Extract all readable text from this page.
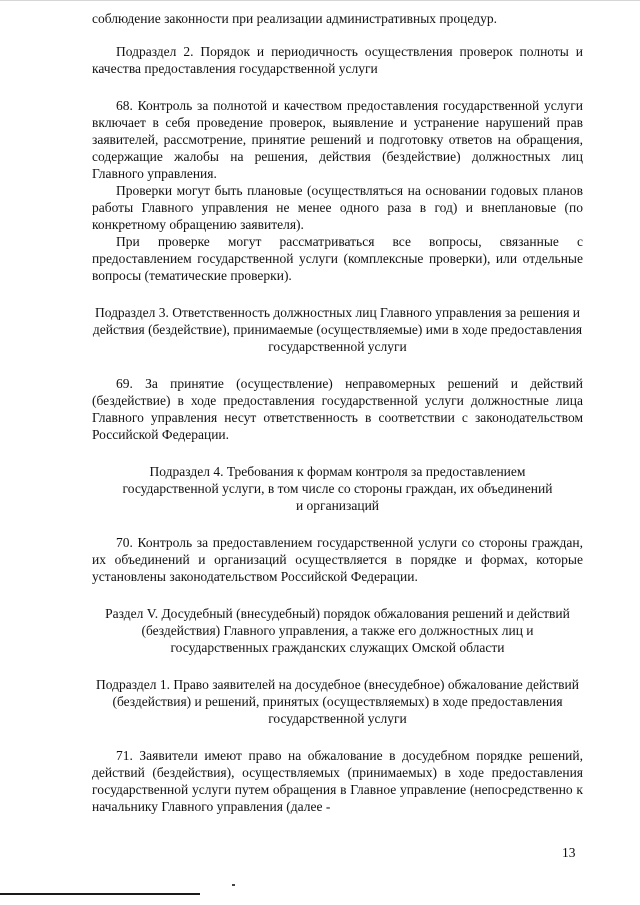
соблюдение законности при реализации административных процедур.

Подраздел 2. Порядок и периодичность осуществления проверок полноты и качества предоставления государственной услуги

68. Контроль за полнотой и качеством предоставления государственной услуги включает в себя проведение проверок, выявление и устранение нарушений прав заявителей, рассмотрение, принятие решений и подготовку ответов на обращения, содержащие жалобы на решения, действия (бездействие) должностных лиц Главного управления.

Проверки могут быть плановые (осуществляться на основании годовых планов работы Главного управления не менее одного раза в год) и внеплановые (по конкретному обращению заявителя).

При проверке могут рассматриваться все вопросы, связанные с предоставлением государственной услуги (комплексные проверки), или отдельные вопросы (тематические проверки).

Подраздел 3. Ответственность должностных лиц Главного управления за решения и действия (бездействие), принимаемые (осуществляемые) ими в ходе предоставления государственной услуги

69. За принятие (осуществление) неправомерных решений и действий (бездействие) в ходе предоставления государственной услуги должностные лица Главного управления несут ответственность в соответствии с законодательством Российской Федерации.

Подраздел 4. Требования к формам контроля за предоставлением государственной услуги, в том числе со стороны граждан, их объединений и организаций

70. Контроль за предоставлением государственной услуги со стороны граждан, их объединений и организаций осуществляется в порядке и формах, которые установлены законодательством Российской Федерации.

Раздел V. Досудебный (внесудебный) порядок обжалования решений и действий (бездействия) Главного управления, а также его должностных лиц и государственных гражданских служащих Омской области

Подраздел 1. Право заявителей на досудебное (внесудебное) обжалование действий (бездействия) и решений, принятых (осуществляемых) в ходе предоставления государственной услуги

71. Заявители имеют право на обжалование в досудебном порядке решений, действий (бездействия), осуществляемых (принимаемых) в ходе предоставления государственной услуги путем обращения в Главное управление (непосредственно к начальнику Главного управления (далее -

13
